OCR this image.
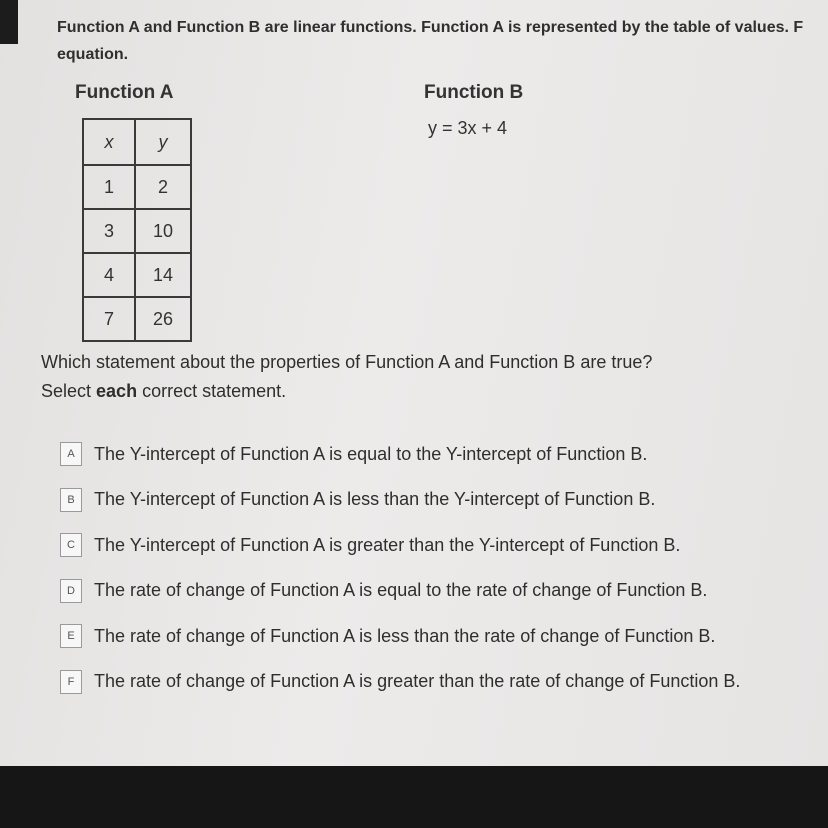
Function A and Function B are linear functions. Function A is represented by the table of values. F
equation.
Function A	Function B
y = 3x + 4
x	y
1	2
3	10
4	14
7	26
Which statement about the properties of Function A and Function B are true?
Select each correct statement.
A	The Y-intercept of Function A is equal to the Y-intercept of Function B.
B	The Y-intercept of Function A is less than the Y-intercept of Function B.
C	The Y-intercept of Function A is greater than the Y-intercept of Function B.
D	The rate of change of Function A is equal to the rate of change of Function B.
E	The rate of change of Function A is less than the rate of change of Function B.
F	The rate of change of Function A is greater than the rate of change of Function B.
